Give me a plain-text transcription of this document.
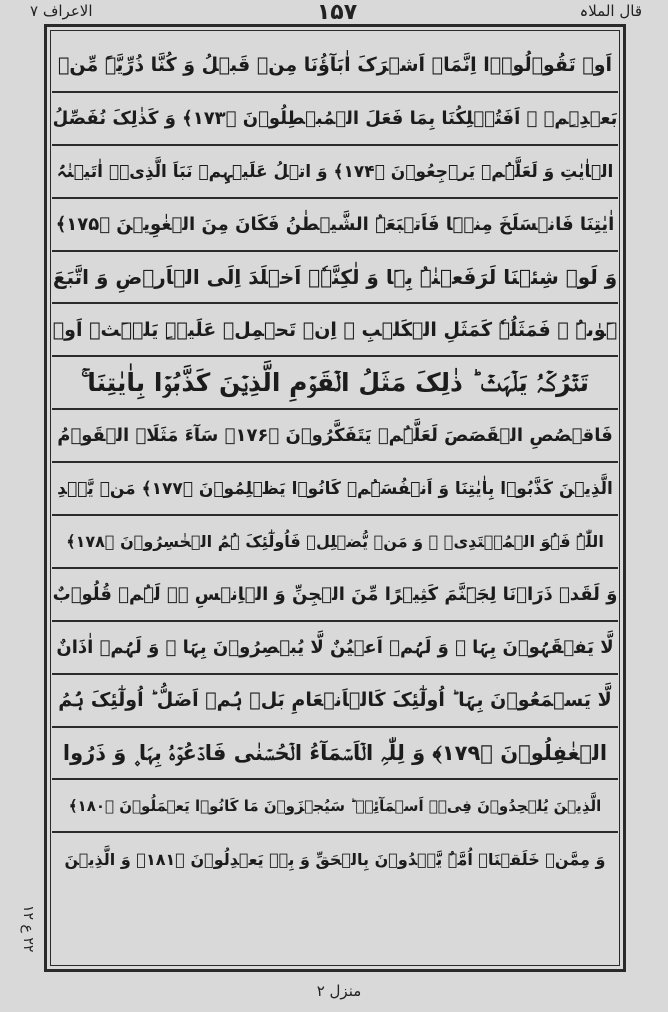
الاعراف ۷	۱۵۷	قال الملاہ
اَوۡ تَقُوۡلُوۡۤا اِنَّمَاۤ اَشۡرَکَ اٰبَآؤُنَا مِنۡ قَبۡلُ وَ کُنَّا ذُرِّیَّۃً مِّنۡ
بَعۡدِہِمۡ ۚ اَفَتُہۡلِکُنَا بِمَا فَعَلَ الۡمُبۡطِلُوۡنَ ﴿۱۷۳﴾ وَ کَذٰلِکَ نُفَصِّلُ
الۡاٰیٰتِ وَ لَعَلَّہُمۡ یَرۡجِعُوۡنَ ﴿۱۷۴﴾ وَ اتۡلُ عَلَیۡہِمۡ نَبَاَ الَّذِیۡۤ اٰتَیۡنٰہُ
اٰیٰتِنَا فَانۡسَلَخَ مِنۡہَا فَاَتۡبَعَہُ الشَّیۡطٰنُ فَکَانَ مِنَ الۡغٰوِیۡنَ ﴿۱۷۵﴾
وَ لَوۡ شِئۡنَا لَرَفَعۡنٰہُ بِہَا وَ لٰکِنَّہٗۤ اَخۡلَدَ اِلَی الۡاَرۡضِ وَ اتَّبَعَ
ہَوٰىہُ ۚ فَمَثَلُہٗ کَمَثَلِ الۡکَلۡبِ ۚ اِنۡ تَحۡمِلۡ عَلَیۡہِ یَلۡہَثۡ اَوۡ
تَتۡرُکۡہُ یَلۡہَثۡ ؕ ذٰلِکَ مَثَلُ الۡقَوۡمِ الَّذِیۡنَ کَذَّبُوۡا بِاٰیٰتِنَا ۚ
فَاقۡصُصِ الۡقَصَصَ لَعَلَّہُمۡ یَتَفَکَّرُوۡنَ ﴿۱۷۶﴾ سَآءَ مَثَلَاۨ الۡقَوۡمُ
الَّذِیۡنَ کَذَّبُوۡا بِاٰیٰتِنَا وَ اَنۡفُسَہُمۡ کَانُوۡا یَظۡلِمُوۡنَ ﴿۱۷۷﴾ مَنۡ یَّہۡدِ
اللّٰہُ فَہُوَ الۡمُہۡتَدِیۡ ۚ وَ مَنۡ یُّضۡلِلۡ فَاُولٰٓئِکَ ہُمُ الۡخٰسِرُوۡنَ ﴿۱۷۸﴾
وَ لَقَدۡ ذَرَاۡنَا لِجَہَنَّمَ کَثِیۡرًا مِّنَ الۡجِنِّ وَ الۡاِنۡسِ ۫ۖ لَہُمۡ قُلُوۡبٌ
لَّا یَفۡقَہُوۡنَ بِہَا ۫ وَ لَہُمۡ اَعۡیُنٌ لَّا یُبۡصِرُوۡنَ بِہَا ۫ وَ لَہُمۡ اٰذَانٌ
لَّا یَسۡمَعُوۡنَ بِہَا ؕ اُولٰٓئِکَ کَالۡاَنۡعَامِ بَلۡ ہُمۡ اَضَلُّ ؕ اُولٰٓئِکَ ہُمُ
الۡغٰفِلُوۡنَ ﴿۱۷۹﴾ وَ لِلّٰہِ الۡاَسۡمَآءُ الۡحُسۡنٰی فَادۡعُوۡہُ بِہَا ۪ وَ ذَرُوا
الَّذِیۡنَ یُلۡحِدُوۡنَ فِیۡۤ اَسۡمَآئِہٖ ؕ سَیُجۡزَوۡنَ مَا کَانُوۡا یَعۡمَلُوۡنَ ﴿۱۸۰﴾
وَ مِمَّنۡ خَلَقۡنَاۤ اُمَّۃٌ یَّہۡدُوۡنَ بِالۡحَقِّ وَ بِہٖ یَعۡدِلُوۡنَ ﴿۱۸۱﴾ وَ الَّذِیۡنَ
۲۲ ع ۱۲
منزل ۲
